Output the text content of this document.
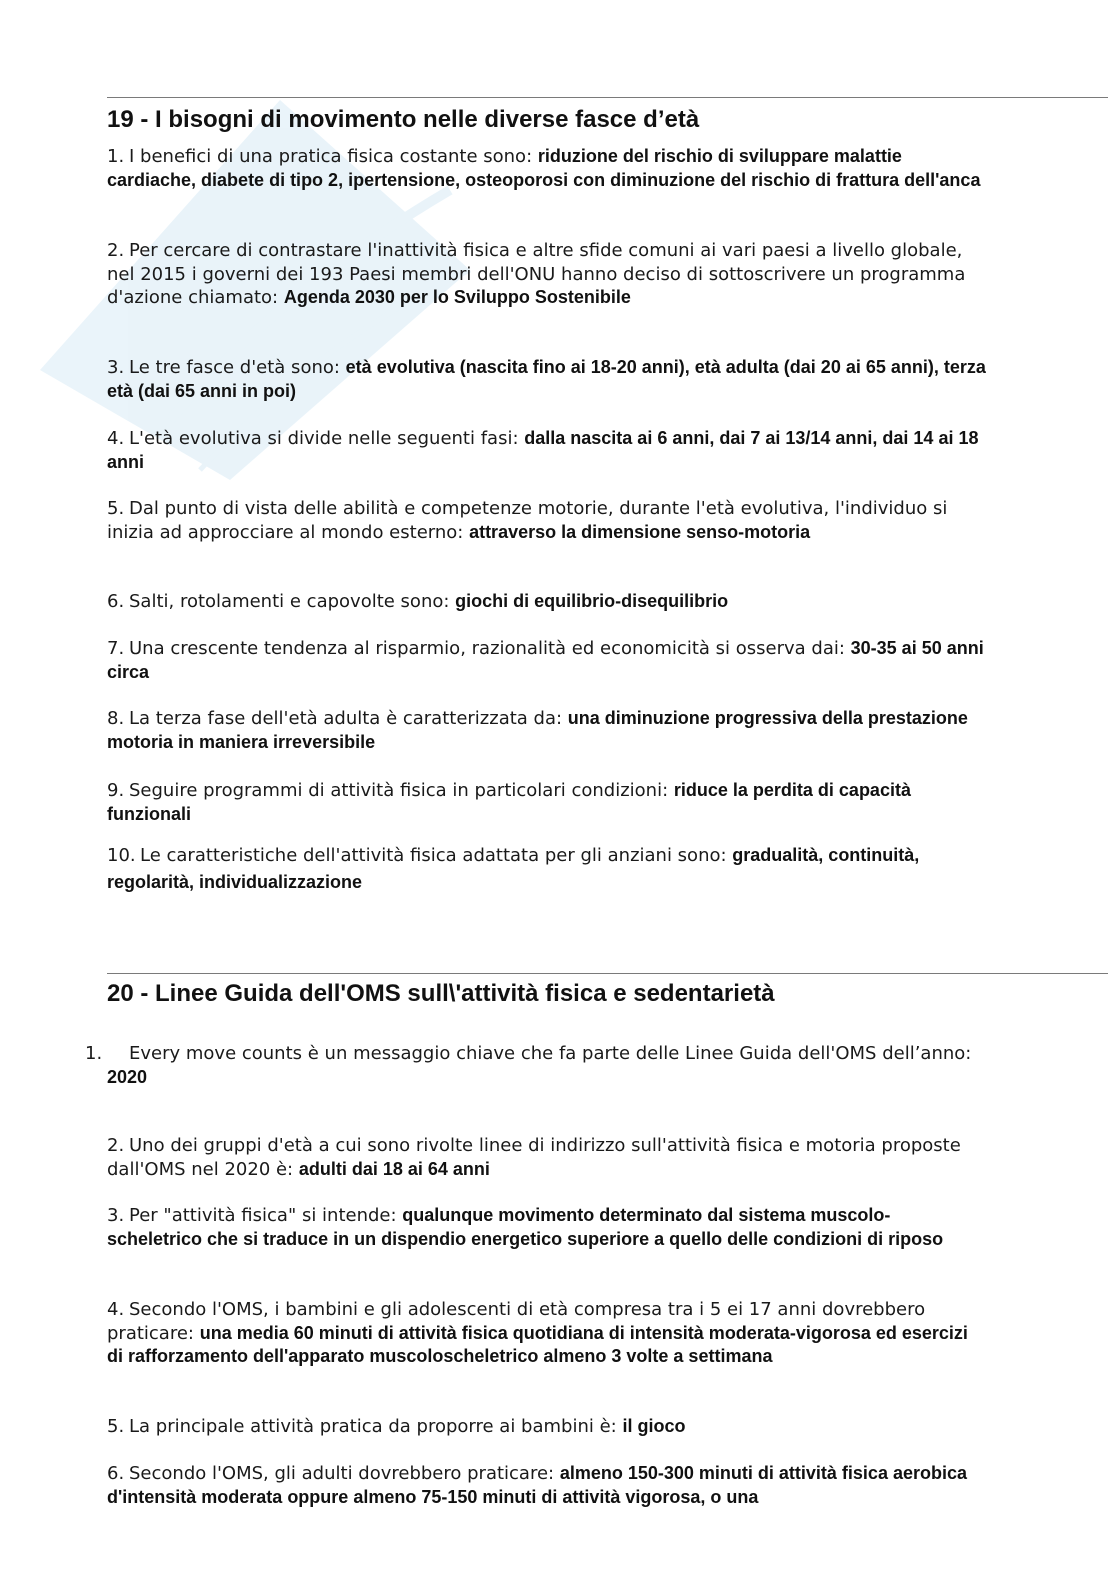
19 - I bisogni di movimento nelle diverse fasce d’età

1. I benefici di una pratica fisica costante sono: riduzione del rischio di sviluppare malattie cardiache, diabete di tipo 2, ipertensione, osteoporosi con diminuzione del rischio di frattura dell'anca

2. Per cercare di contrastare l'inattività fisica e altre sfide comuni ai vari paesi a livello globale, nel 2015 i governi dei 193 Paesi membri dell'ONU hanno deciso di sottoscrivere un programma d'azione chiamato: Agenda 2030 per lo Sviluppo Sostenibile

3. Le tre fasce d'età sono: età evolutiva (nascita fino ai 18-20 anni), età adulta (dai 20 ai 65 anni), terza età (dai 65 anni in poi)

4. L'età evolutiva si divide nelle seguenti fasi: dalla nascita ai 6 anni, dai 7 ai 13/14 anni, dai 14 ai 18 anni

5. Dal punto di vista delle abilità e competenze motorie, durante l'età evolutiva, l'individuo si inizia ad approcciare al mondo esterno: attraverso la dimensione senso-motoria

6. Salti, rotolamenti e capovolte sono: giochi di equilibrio-disequilibrio

7. Una crescente tendenza al risparmio, razionalità ed economicità si osserva dai: 30-35 ai 50 anni circa

8. La terza fase dell'età adulta è caratterizzata da: una diminuzione progressiva della prestazione motoria in maniera irreversibile

9. Seguire programmi di attività fisica in particolari condizioni: riduce la perdita di capacità funzionali

10. Le caratteristiche dell'attività fisica adattata per gli anziani sono: gradualità, continuità, regolarità, individualizzazione

20 - Linee Guida dell'OMS sull\'attività fisica e sedentarietà

1. Every move counts è un messaggio chiave che fa parte delle Linee Guida dell'OMS dell’anno:
2020

2. Uno dei gruppi d'età a cui sono rivolte linee di indirizzo sull'attività fisica e motoria proposte dall'OMS nel 2020 è: adulti dai 18 ai 64 anni

3. Per "attività fisica" si intende: qualunque movimento determinato dal sistema muscolo- scheletrico che si traduce in un dispendio energetico superiore a quello delle condizioni di riposo

4. Secondo l'OMS, i bambini e gli adolescenti di età compresa tra i 5 ei 17 anni dovrebbero praticare: una media 60 minuti di attività fisica quotidiana di intensità moderata-vigorosa ed esercizi di rafforzamento dell'apparato muscoloscheletrico almeno 3 volte a settimana

5. La principale attività pratica da proporre ai bambini è: il gioco

6. Secondo l'OMS, gli adulti dovrebbero praticare: almeno 150-300 minuti di attività fisica aerobica d'intensità moderata oppure almeno 75-150 minuti di attività vigorosa, o una
